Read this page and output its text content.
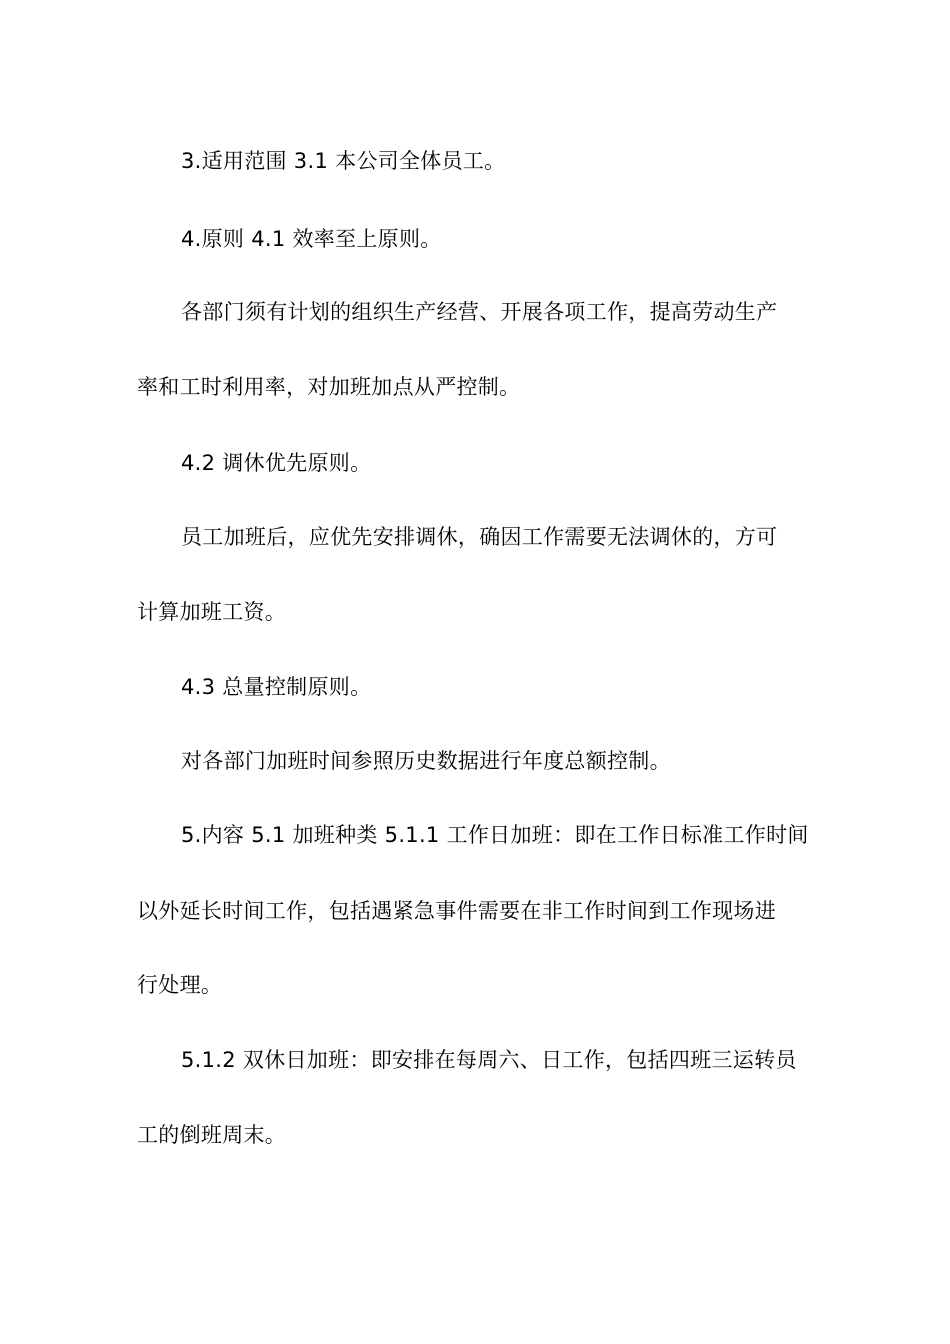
3.适用范围 3.1 本公司全体员工。
4.原则 4.1 效率至上原则。
各部门须有计划的组织生产经营、开展各项工作，提高劳动生产
率和工时利用率，对加班加点从严控制。
4.2 调休优先原则。
员工加班后，应优先安排调休，确因工作需要无法调休的，方可
计算加班工资。
4.3 总量控制原则。
对各部门加班时间参照历史数据进行年度总额控制。
5.内容 5.1 加班种类 5.1.1 工作日加班：即在工作日标准工作时间
以外延长时间工作，包括遇紧急事件需要在非工作时间到工作现场进
行处理。
5.1.2 双休日加班：即安排在每周六、日工作，包括四班三运转员
工的倒班周末。
